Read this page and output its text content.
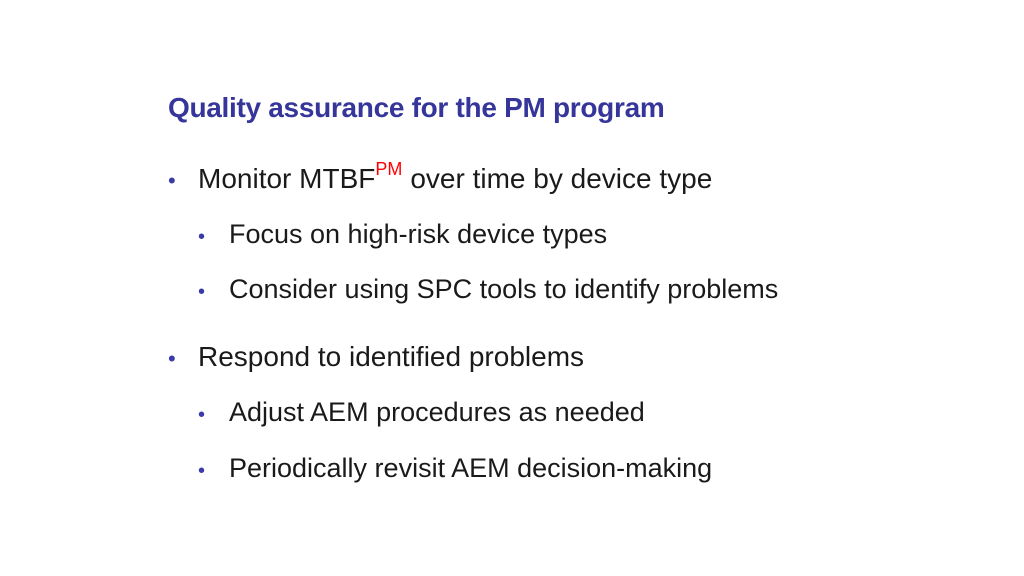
Quality assurance for the PM program
• Monitor MTBF PM over time by device type
• Focus on high-risk device types
• Consider using SPC tools to identify problems
• Respond to identified problems
• Adjust AEM procedures as needed
• Periodically revisit AEM decision-making
